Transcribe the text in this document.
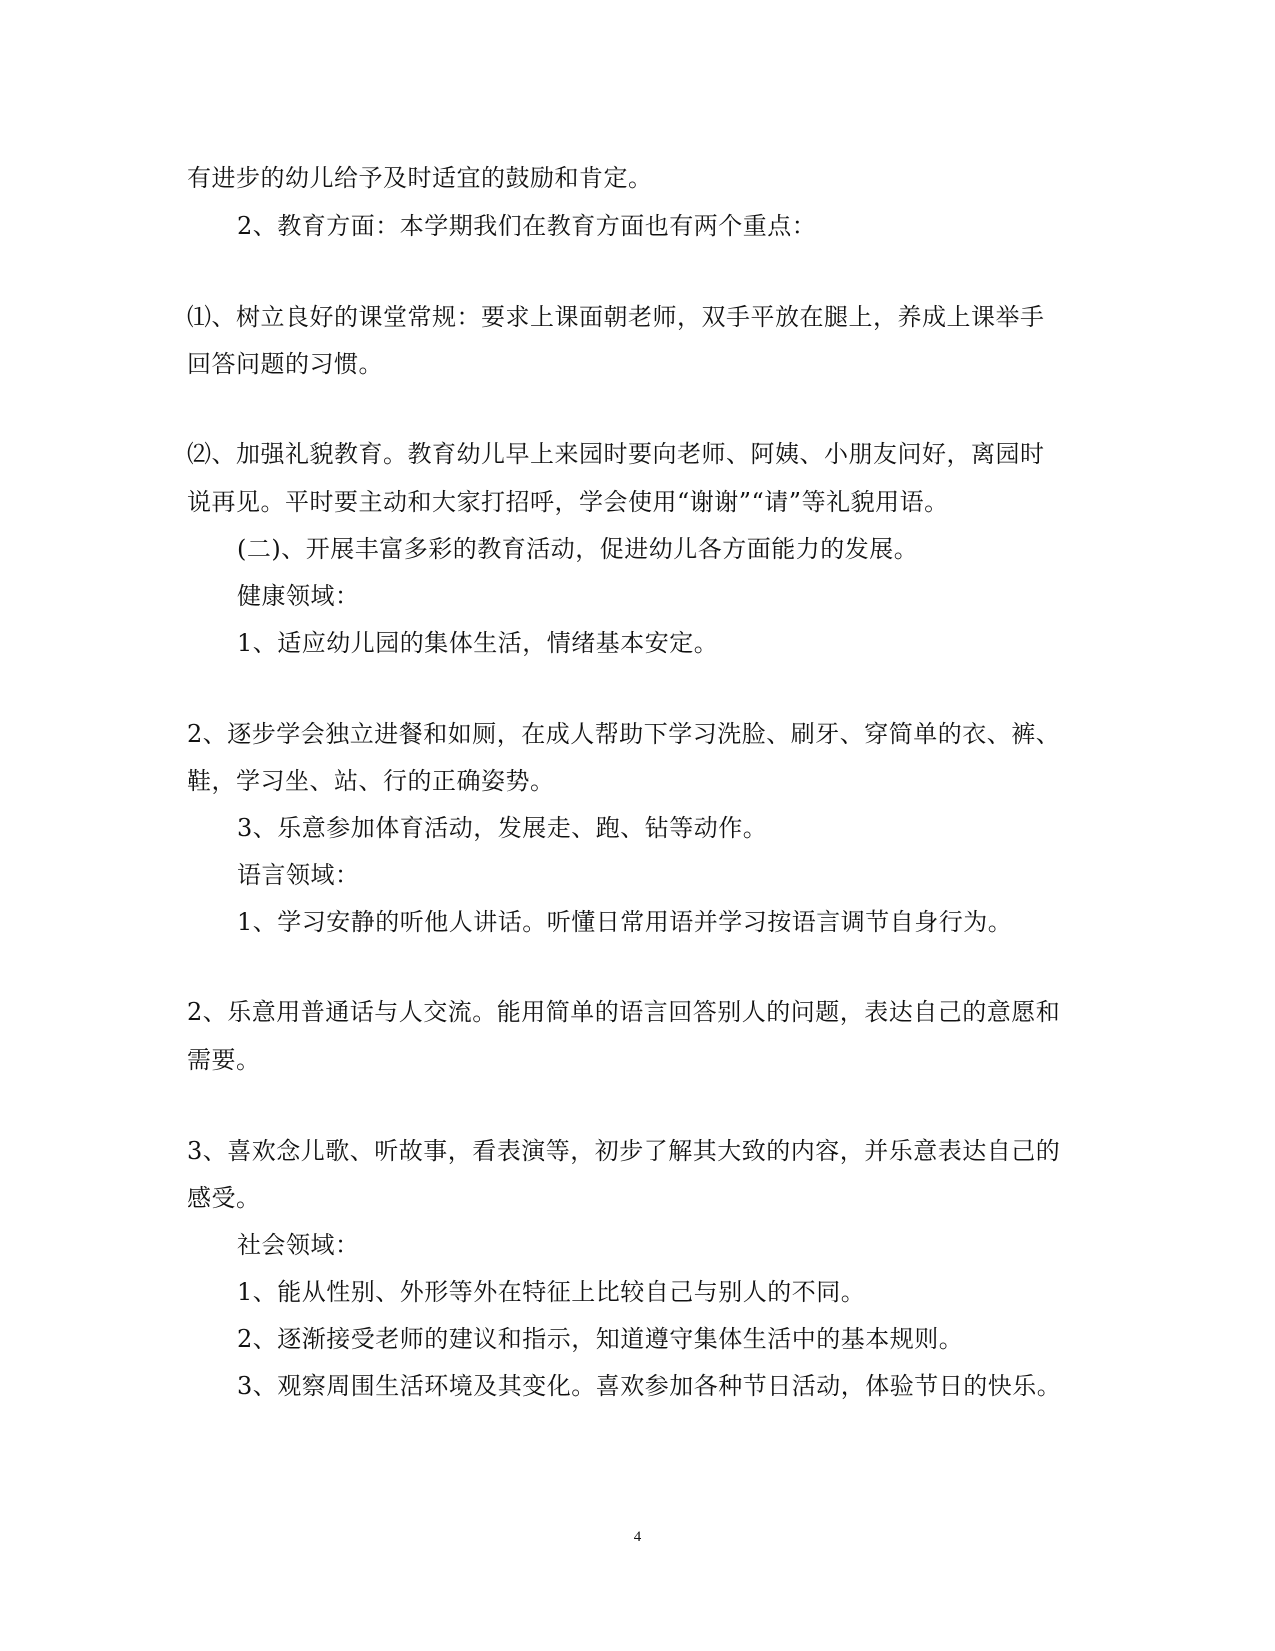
有进步的幼儿给予及时适宜的鼓励和肯定。
2、教育方面：本学期我们在教育方面也有两个重点：
⑴、树立良好的课堂常规：要求上课面朝老师，双手平放在腿上，养成上课举手
回答问题的习惯。
⑵、加强礼貌教育。教育幼儿早上来园时要向老师、阿姨、小朋友问好，离园时
说再见。平时要主动和大家打招呼，学会使用“谢谢”“请”等礼貌用语。
(二)、开展丰富多彩的教育活动，促进幼儿各方面能力的发展。
健康领域：
1、适应幼儿园的集体生活，情绪基本安定。
2、逐步学会独立进餐和如厕，在成人帮助下学习洗脸、刷牙、穿简单的衣、裤、
鞋，学习坐、站、行的正确姿势。
3、乐意参加体育活动，发展走、跑、钻等动作。
语言领域：
1、学习安静的听他人讲话。听懂日常用语并学习按语言调节自身行为。
2、乐意用普通话与人交流。能用简单的语言回答别人的问题，表达自己的意愿和
需要。
3、喜欢念儿歌、听故事，看表演等，初步了解其大致的内容，并乐意表达自己的
感受。
社会领域：
1、能从性别、外形等外在特征上比较自己与别人的不同。
2、逐渐接受老师的建议和指示，知道遵守集体生活中的基本规则。
3、观察周围生活环境及其变化。喜欢参加各种节日活动，体验节日的快乐。
4
